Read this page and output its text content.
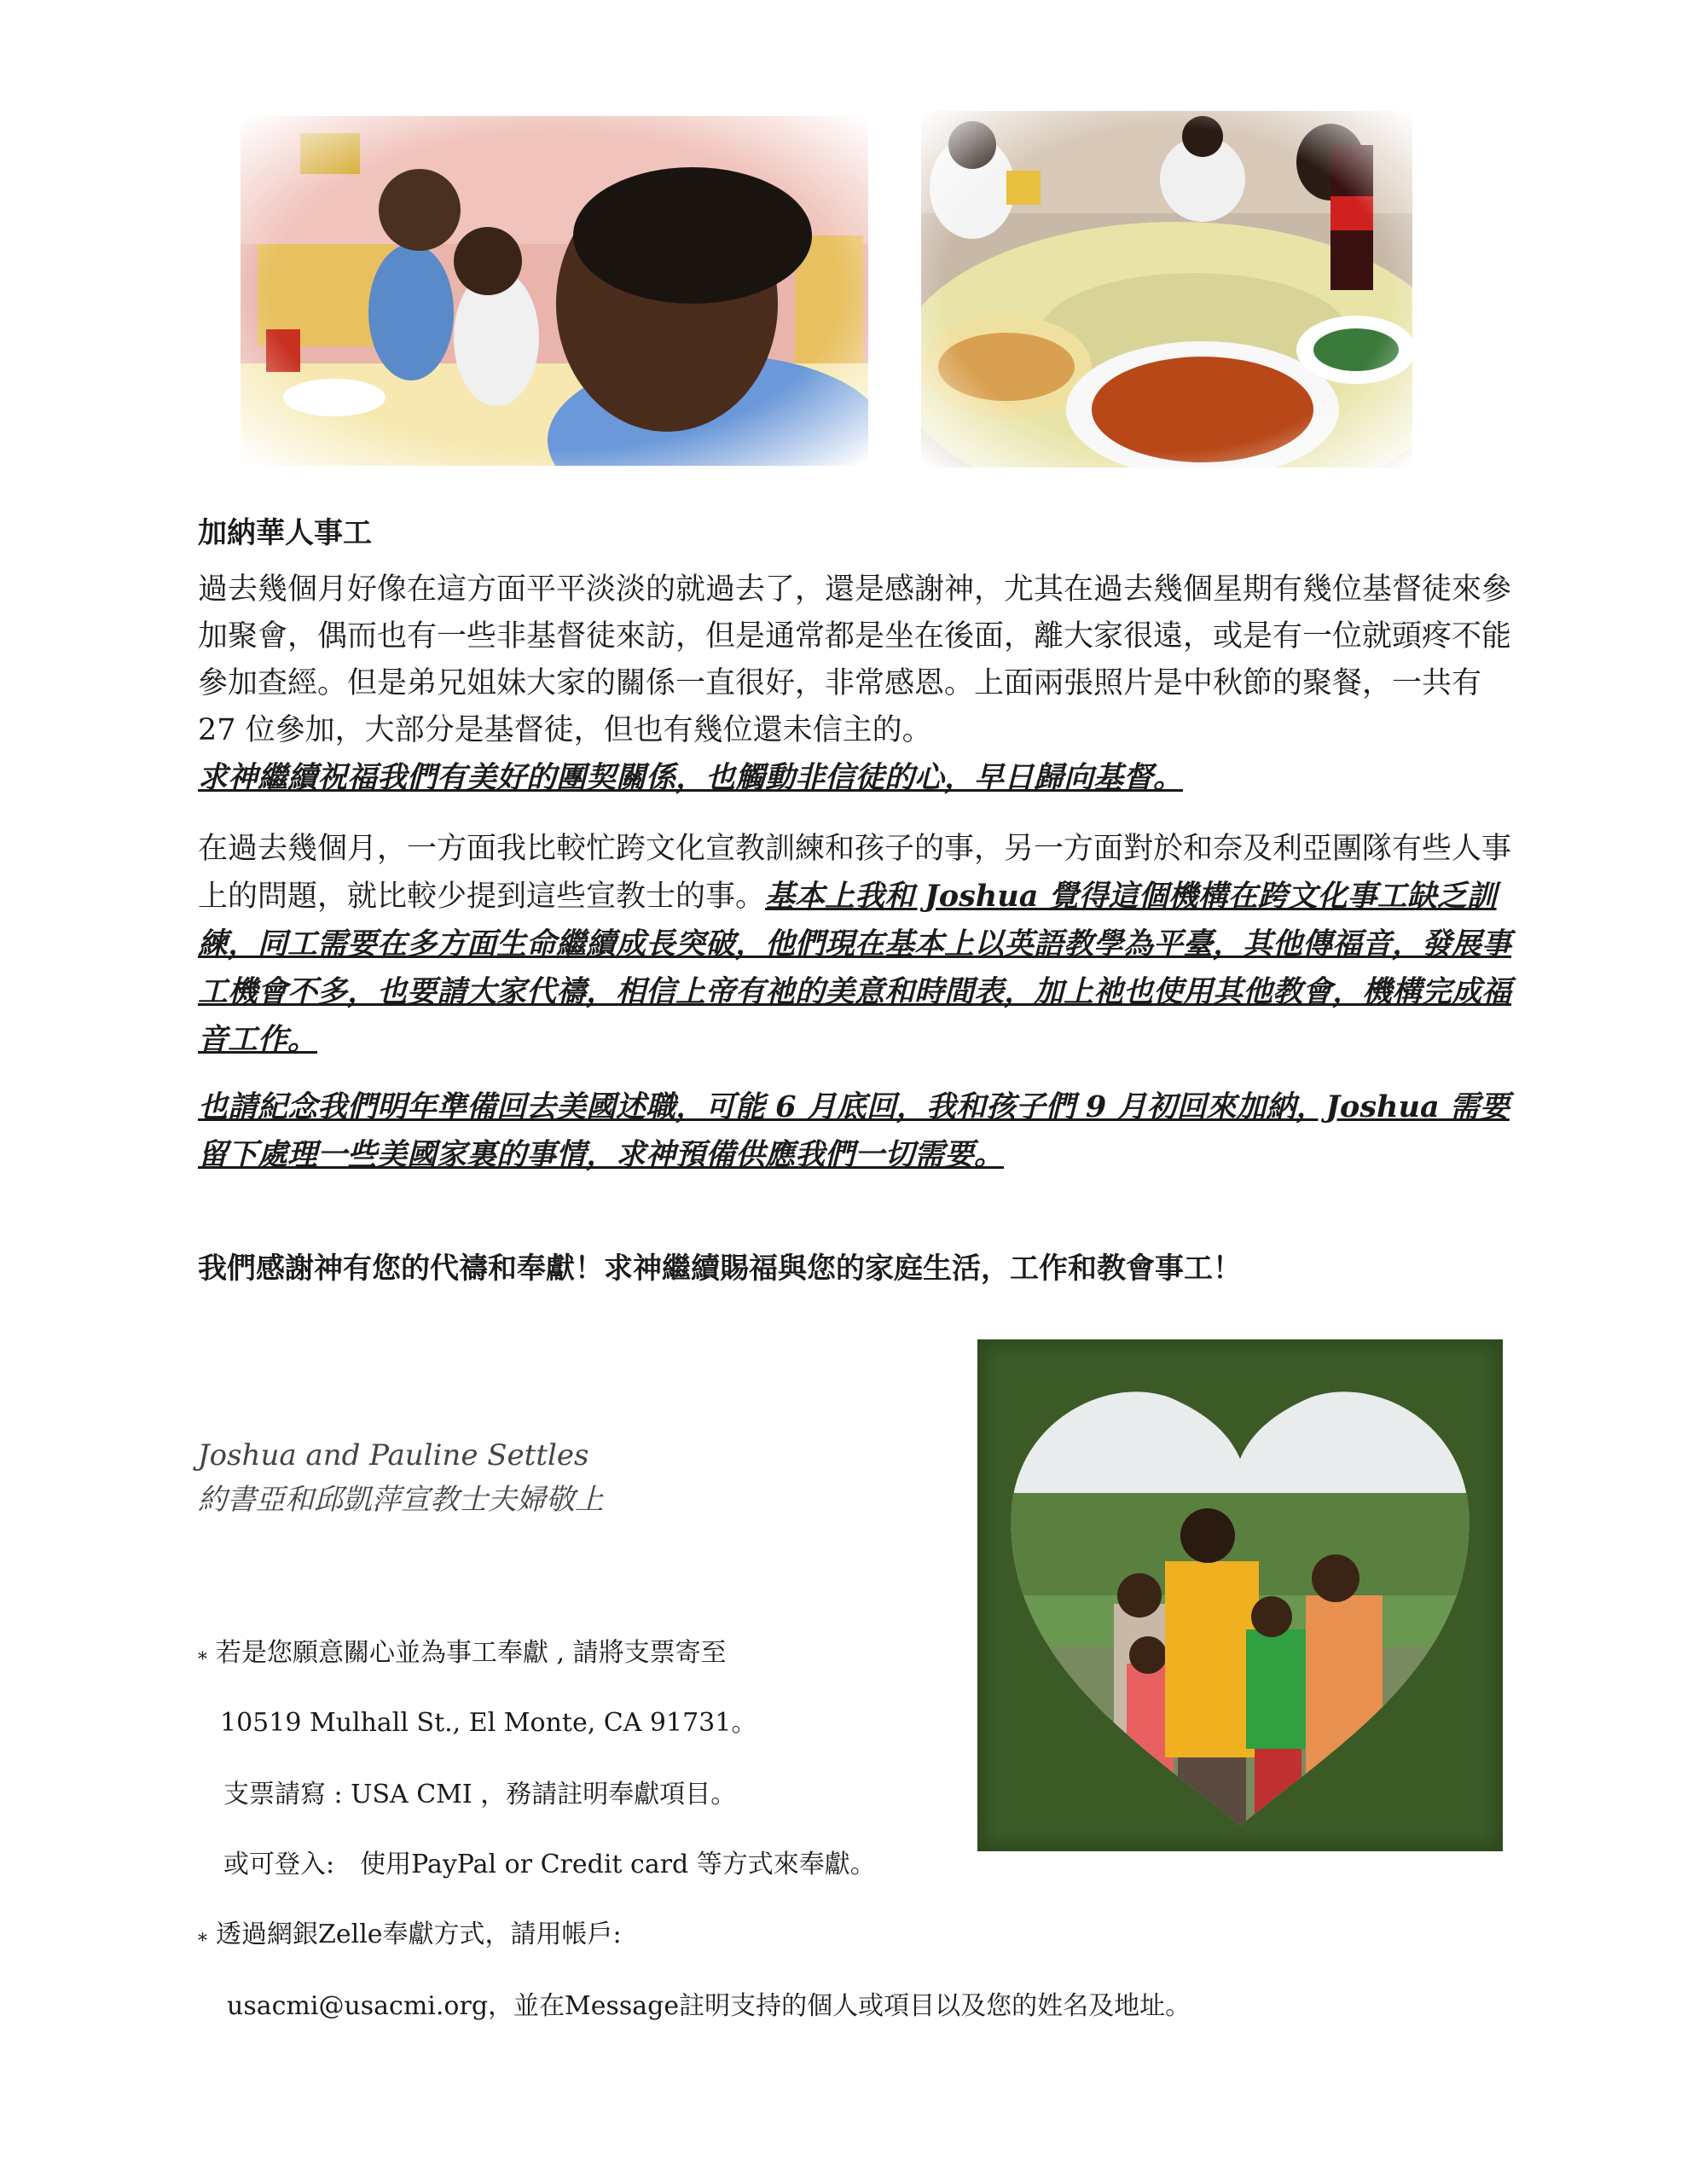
加納華人事工

過去幾個月好像在這方面平平淡淡的就過去了，還是感謝神，尤其在過去幾個星期有幾位基督徒來參加聚會，偶而也有一些非基督徒來訪，但是通常都是坐在後面，離大家很遠，或是有一位就頭疼不能參加查經。但是弟兄姐妹大家的關係一直很好，非常感恩。上面兩張照片是中秋節的聚餐，一共有 27 位參加，大部分是基督徒，但也有幾位還未信主的。
求神繼續祝福我們有美好的團契關係，也觸動非信徒的心，早日歸向基督。

在過去幾個月，一方面我比較忙跨文化宣教訓練和孩子的事，另一方面對於和奈及利亞團隊有些人事上的問題，就比較少提到這些宣教士的事。基本上我和 Joshua 覺得這個機構在跨文化事工缺乏訓練，同工需要在多方面生命繼續成長突破，他們現在基本上以英語教學為平臺，其他傳福音，發展事工機會不多，也要請大家代禱，相信上帝有祂的美意和時間表，加上祂也使用其他教會，機構完成福音工作。

也請紀念我們明年準備回去美國述職，可能 6 月底回，我和孩子們 9 月初回來加納，Joshua 需要留下處理一些美國家裏的事情，求神預備供應我們一切需要。

我們感謝神有您的代禱和奉獻！求神繼續賜福與您的家庭生活，工作和教會事工！

Joshua and Pauline Settles
約書亞和邱凱萍宣教士夫婦敬上
⁎ 若是您願意關心並為事工奉獻 , 請將支票寄至
10519 Mulhall St., El Monte, CA 91731。
支票請寫 : USA CMI ，務請註明奉獻項目。
或可登入:　使用PayPal or Credit card 等方式來奉獻。
⁎ 透過網銀Zelle奉獻方式，請用帳戶:
usacmi@usacmi.org，並在Message註明支持的個人或項目以及您的姓名及地址。
